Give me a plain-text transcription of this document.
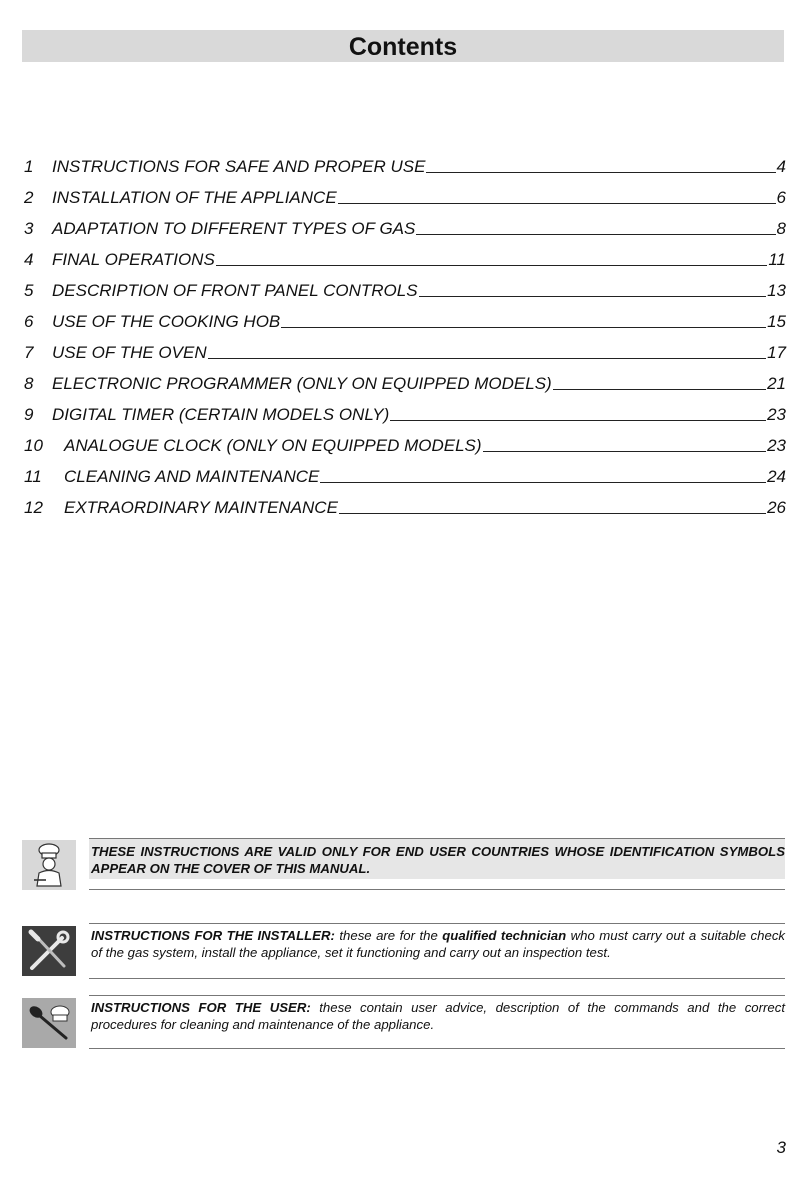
Contents
1	INSTRUCTIONS FOR SAFE AND PROPER USE	4
2	INSTALLATION OF THE APPLIANCE	6
3	ADAPTATION TO DIFFERENT TYPES OF GAS	8
4	FINAL OPERATIONS	11
5	DESCRIPTION OF FRONT PANEL CONTROLS	13
6	USE OF THE COOKING HOB	15
7	USE OF THE OVEN	17
8	ELECTRONIC PROGRAMMER (ONLY ON EQUIPPED MODELS)	21
9	DIGITAL TIMER (CERTAIN MODELS ONLY)	23
10	ANALOGUE CLOCK (ONLY ON EQUIPPED MODELS)	23
11	CLEANING AND MAINTENANCE	24
12	EXTRAORDINARY MAINTENANCE	26
THESE INSTRUCTIONS ARE VALID ONLY FOR END USER COUNTRIES WHOSE IDENTIFICATION SYMBOLS APPEAR ON THE COVER OF THIS MANUAL.
INSTRUCTIONS FOR THE INSTALLER: these are for the qualified technician who must carry out a suitable check of the gas system, install the appliance, set it functioning and carry out an inspection test.
INSTRUCTIONS FOR THE USER: these contain user advice, description of the commands and the correct procedures for cleaning and maintenance of the appliance.
3
